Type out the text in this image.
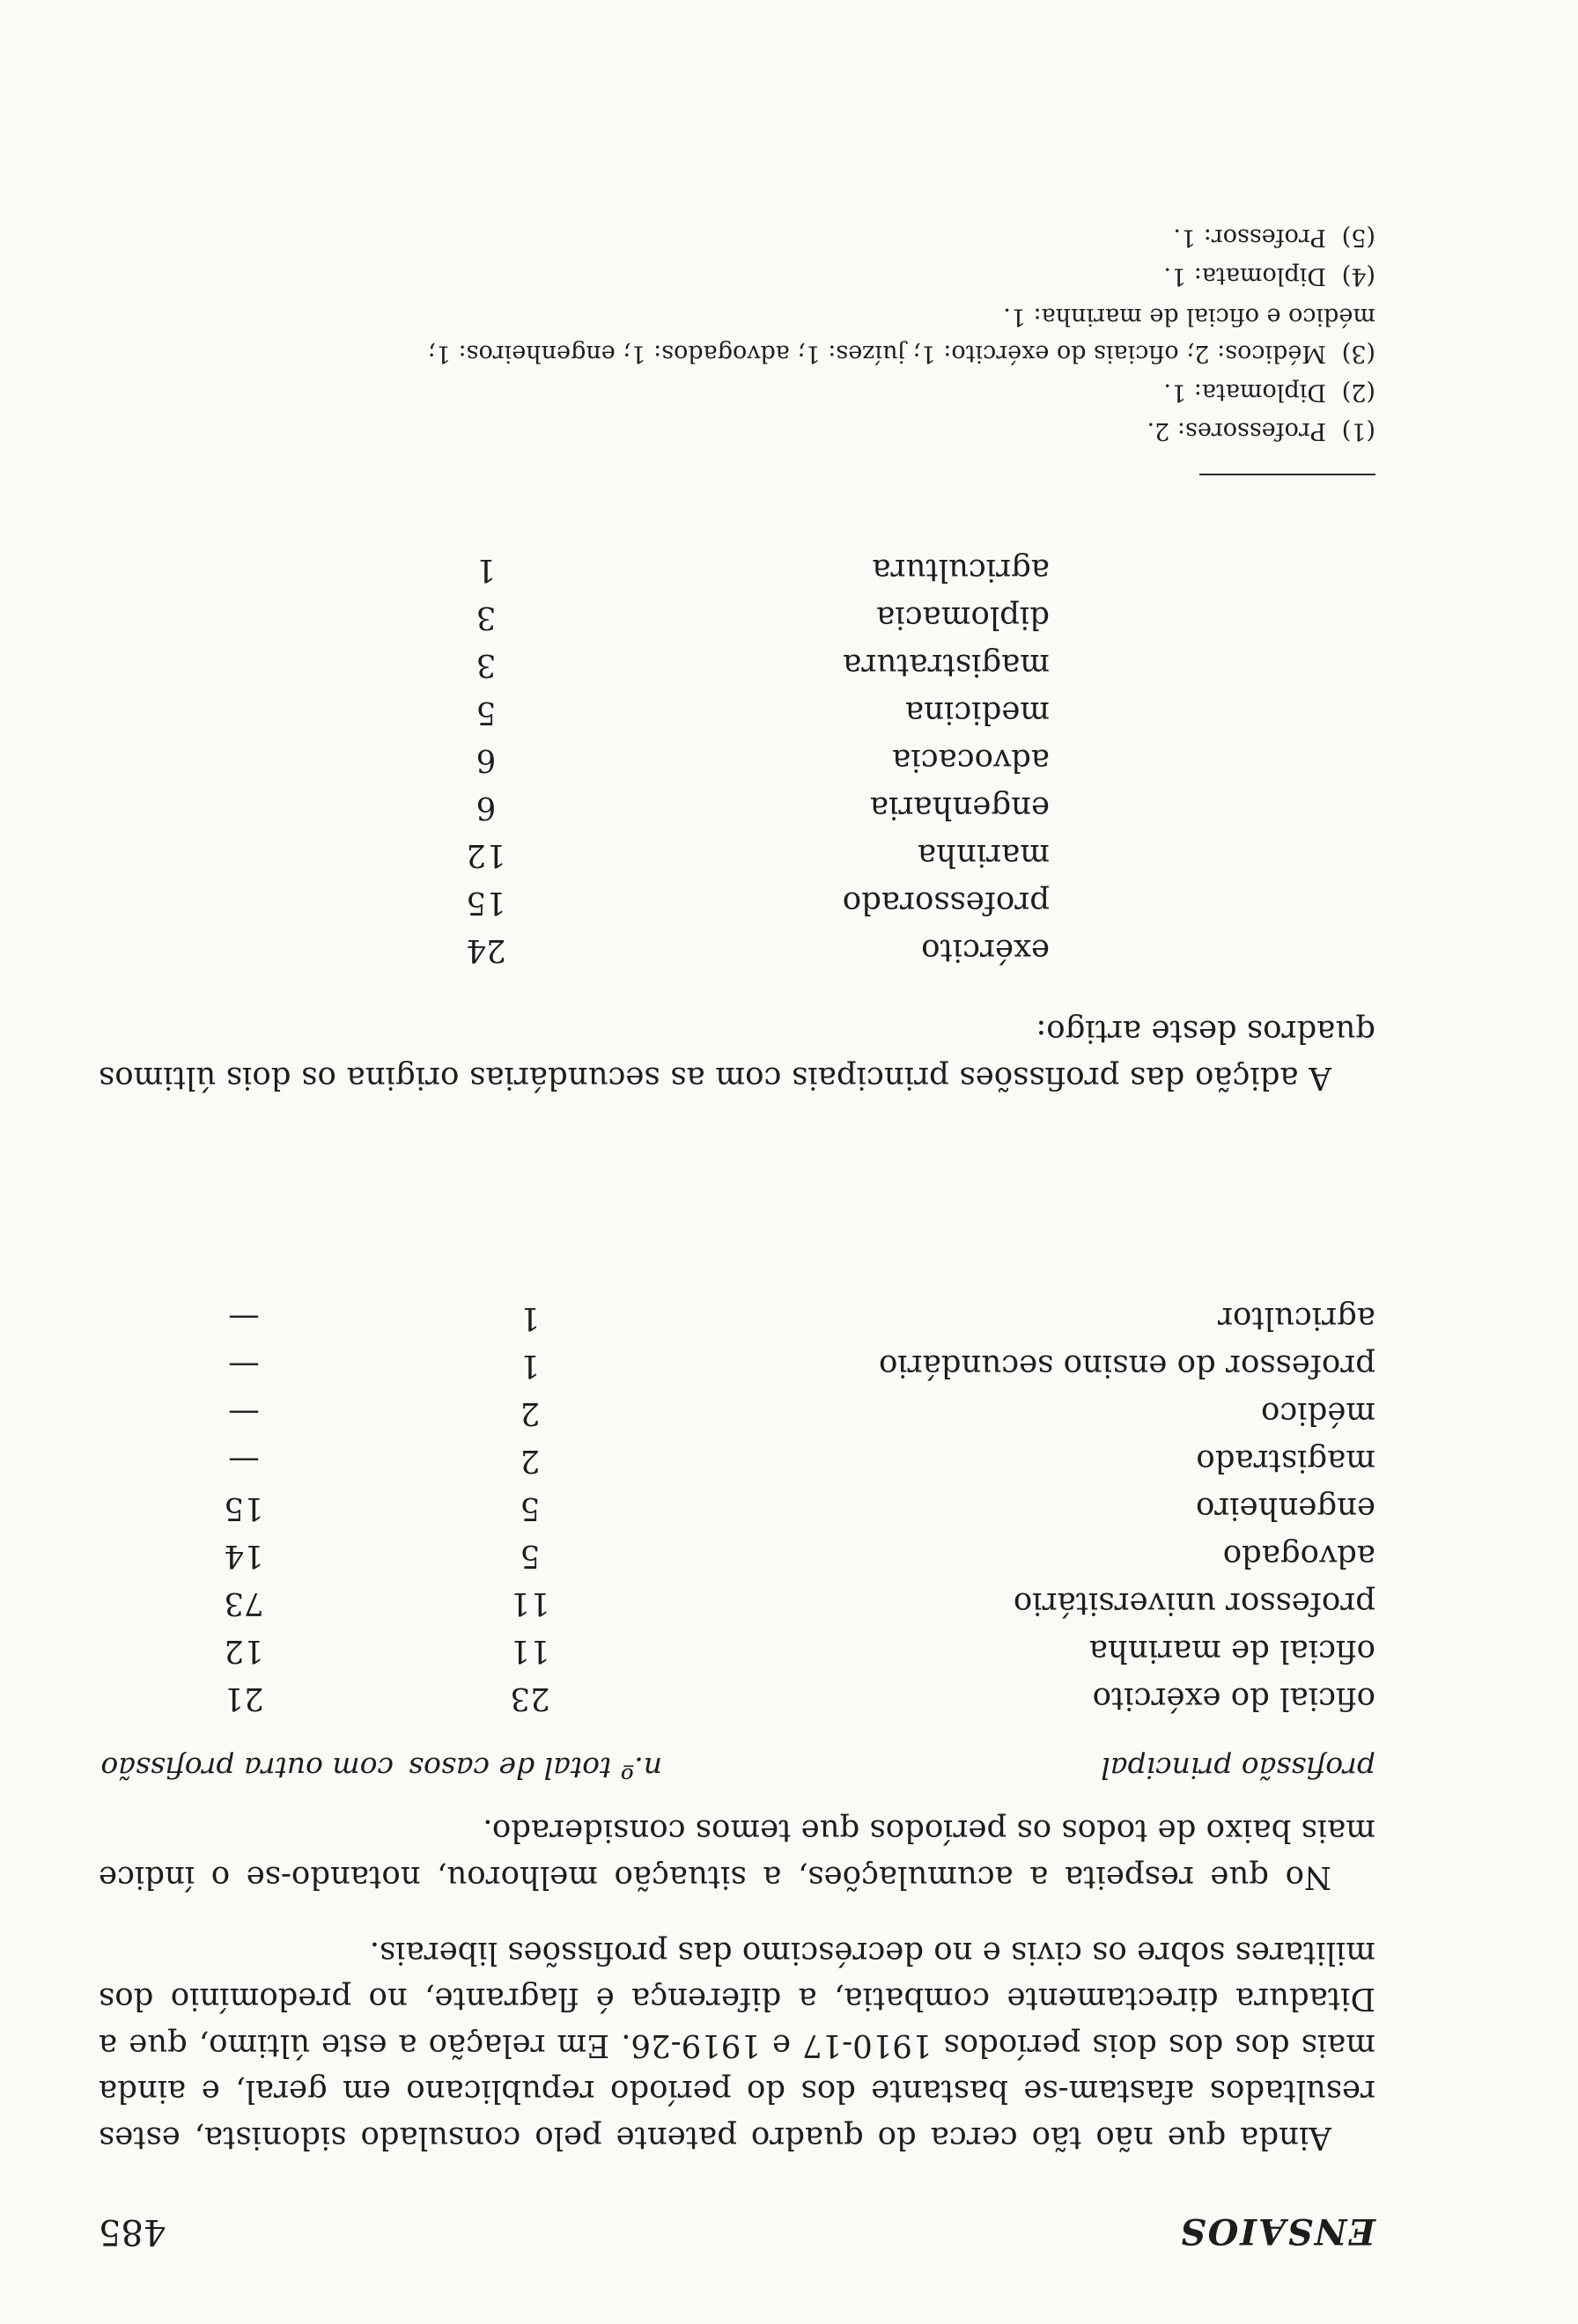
ENSAIOS
485

Ainda que não tão cerca do quadro patente pelo consulado sidonista, estes resultados afastam-se bastante dos do período republicano em geral, e ainda mais dos dos dois períodos 1910-17 e 1919-26. Em relação a este último, que a Ditadura directamente combatia, a diferença é flagrante, no predomínio dos militares sobre os civis e no decréscimo das profissões liberais.

No que respeita a acumulações, a situação melhorou, notando-se o índice mais baixo de todos os períodos que temos considerado.

profissão principal
n.º total de casos
com outra profissão
oficial do exército
23
21
oficial de marinha
11
12
professor universitário
11
73
advogado
5
14
engenheiro
5
15
magistrado
2
—
médico
2
—
professor do ensino secundário
1
—
agricultor
1
—

A adição das profissões principais com as secundárias origina os dois últimos quadros deste artigo:

exército
24
professorado
15
marinha
12
engenharia
6
advocacia
6
medicina
5
magistratura
3
diplomacia
3
agricultura
1
(1)Professores: 2.
(2)Diplomata: 1.
(3)Médicos: 2; oficiais do exército: 1; juízes: 1; advogados: 1; engenheiros: 1;
médico e oficial de marinha: 1.
(4)Diplomata: 1.
(5)Professor: 1.
